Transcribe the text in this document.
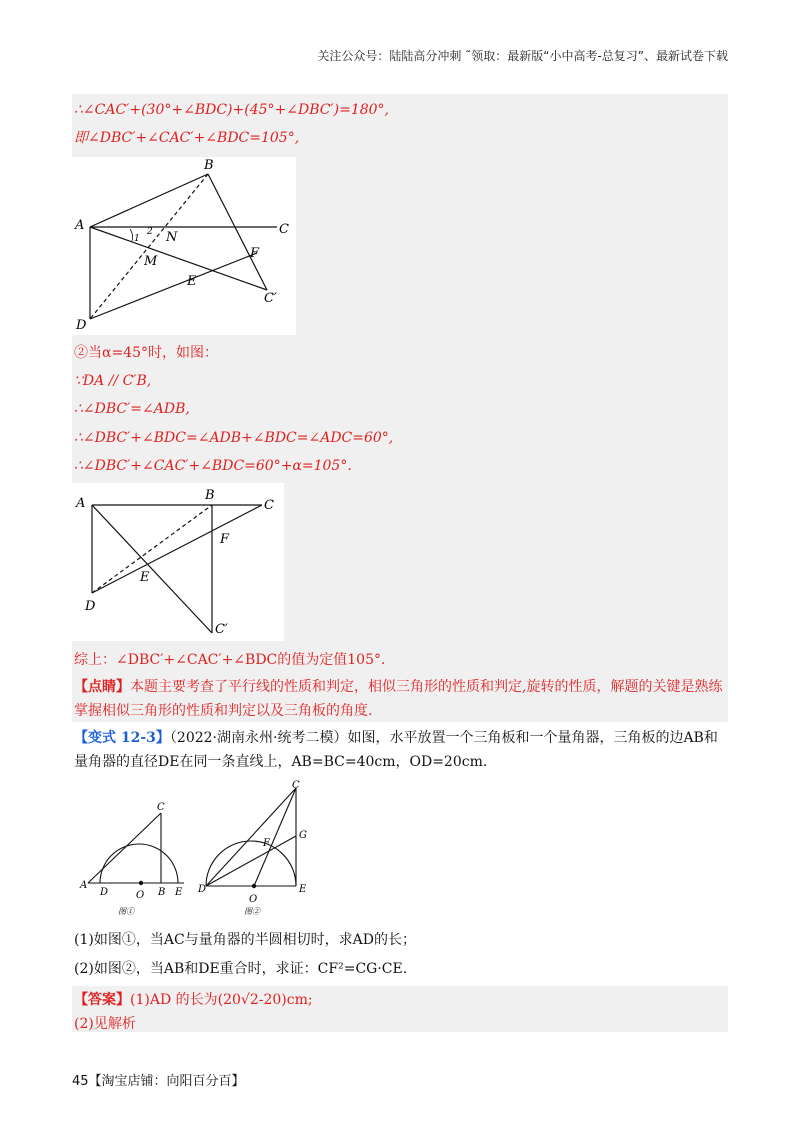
关注公众号：陆陆高分冲刺 ˜领取：最新版“小中高考-总复习”、最新试卷下载
∴∠CAC′+(30°+∠BDC)+(45°+∠DBC′)=180°,
即∠DBC′+∠CAC′+∠BDC=105°,
A
B
C
D
N
M
E
F
C′
1
2
②当α=45°时，如图：
∵DA // C′B,
∴∠DBC′=∠ADB,
∴∠DBC′+∠BDC=∠ADB+∠BDC=∠ADC=60°,
∴∠DBC′+∠CAC′+∠BDC=60°+α=105°.
A
B
C
D
E
F
C′
综上：∠DBC′+∠CAC′+∠BDC的值为定值105°.
【点睛】本题主要考查了平行线的性质和判定，相似三角形的性质和判定,旋转的性质，解题的关键是熟练掌握相似三角形的性质和判定以及三角板的角度.
【变式 12-3】（2022·湖南永州·统考二模）如图，水平放置一个三角板和一个量角器，三角板的边AB和量角器的直径DE在同一条直线上，AB=BC=40cm，OD=20cm.
A
D	O B E
C
D
O
E
C
F
G
图①	图②
(1)如图①，当AC与量角器的半圆相切时，求AD的长；
(2)如图②，当AB和DE重合时，求证：CF²=CG·CE.
【答案】(1)AD 的长为(20√2-20)cm;
(2)见解析
45【淘宝店铺：向阳百分百】
